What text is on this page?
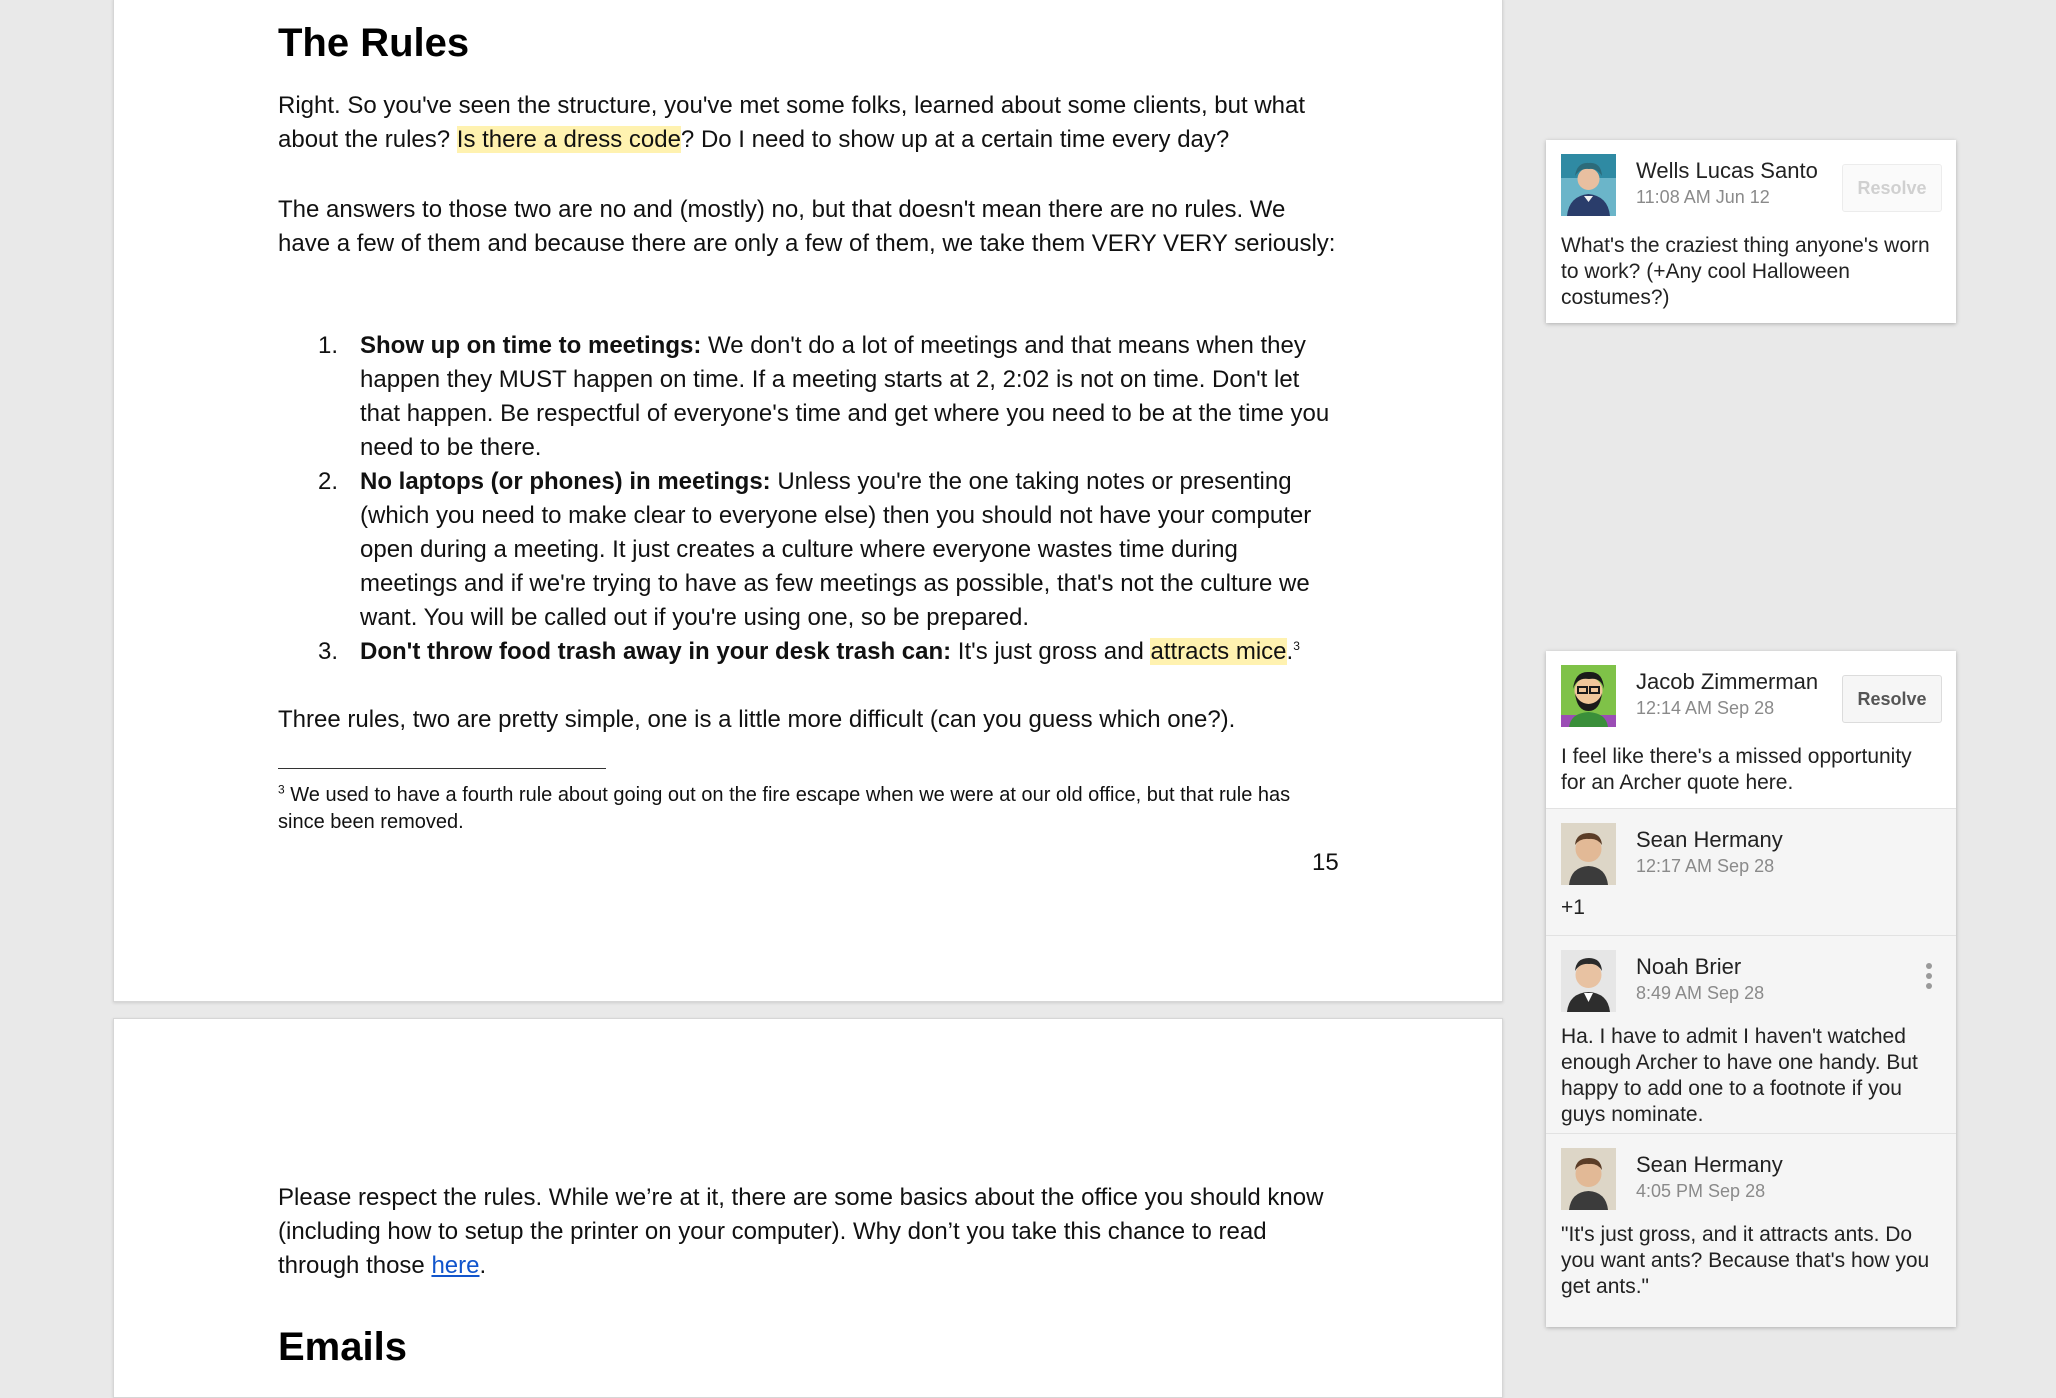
The Rules

Right. So you've seen the structure, you've met some folks, learned about some clients, but what about the rules? Is there a dress code? Do I need to show up at a certain time every day?

The answers to those two are no and (mostly) no, but that doesn't mean there are no rules. We have a few of them and because there are only a few of them, we take them VERY VERY seriously:

1. Show up on time to meetings: We don't do a lot of meetings and that means when they happen they MUST happen on time. If a meeting starts at 2, 2:02 is not on time. Don't let that happen. Be respectful of everyone's time and get where you need to be at the time you need to be there.
2. No laptops (or phones) in meetings: Unless you're the one taking notes or presenting (which you need to make clear to everyone else) then you should not have your computer open during a meeting. It just creates a culture where everyone wastes time during meetings and if we're trying to have as few meetings as possible, that's not the culture we want. You will be called out if you're using one, so be prepared.
3. Don't throw food trash away in your desk trash can: It's just gross and attracts mice.$^3$

Three rules, two are pretty simple, one is a little more difficult (can you guess which one?).

$^3$ We used to have a fourth rule about going out on the fire escape when we were at our old office, but that rule has since been removed.
15

Please respect the rules. While we’re at it, there are some basics about the office you should know (including how to setup the printer on your computer). Why don’t you take this chance to read through those here.

Emails
Wells Lucas Santo
11:08 AM Jun 12	Resolve
What's the craziest thing anyone's worn to work? (+Any cool Halloween costumes?)
Jacob Zimmerman
12:14 AM Sep 28	Resolve
I feel like there's a missed opportunity for an Archer quote here.
Sean Hermany
12:17 AM Sep 28
+1
Noah Brier
8:49 AM Sep 28
Ha. I have to admit I haven't watched enough Archer to have one handy. But happy to add one to a footnote if you guys nominate.
Sean Hermany
4:05 PM Sep 28
"It's just gross, and it attracts ants. Do you want ants? Because that's how you get ants."
